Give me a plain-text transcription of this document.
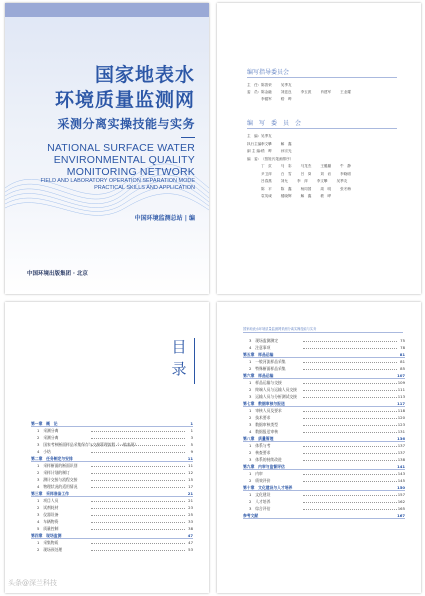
国家地表水
环境质量监测网
采测分离实操技能与实务
NATIONAL SURFACE WATER
ENVIRONMENTAL QUALITY
MONITORING NETWORK
FIELD AND LABORATORY OPERATION SEPARATION MODE
PRACTICAL SKILLS AND APPLICATION
中国环境监测总站 | 编
中国环境出版集团 · 北京
编写指导委员会
主　任: 陈善荣	吴季友
委　员: 陈金融	刘廷良	李玉波	肖建军	王业耀
李健军	嵇　晔
编　写　委　员　会
主　编: 吴季友
执行主编:李文攀	解　鑫
副 主 编:嵇　晔	孙宗光
编　委: （按姓氏笔画排序）
丁　页	马　彩	马龙杰	王璐璐	牛　静
尹卫萍	白　雪	吕　岗	刘　岩	李晓明
吕春燕	刘允	李　萍	李文攀	吴季友
陈　平	陈　鑫	杨同国	周　明	张冬梅
袁英诚	楼晓辉	解　鑫	嵇　晔
目
录
第一章　概　论	1
1　采测分离	1
2　采测分离	3
3　国家考核断面样品采集保存与交接管理流程（一般表现）	5
4　小结	9
第二章　任务制定与安排	11
1　采样断面的断面识别	11
2　采样计划的制订	12
3　测计交接与流程交接	15
4　物理状况的适用情况	17
第三章　采样准备工作	21
1　项目人员	21
2　试剂耗材	23
3　仪器设备	25
4　车辆物资	33
5　质量控制	38
第四章　现场监测	47
1　采集物质	47
2　现场预处理	53
国家地表水环境质量监测网采测分离实操技能与实务
3　现场监测测定	75
4　注意事项	78
第五章　样品运输	81
1　一般河流样品采集	81
2　特殊断面样品采集	85
第六章　样品运输	107
1　样品运输与交接	109
2　终端人员与运输人员交接	111
3　运输人员与分析测试交接	113
第七章　数据审核与报送	117
1　审核人员及要求	118
2　技术要求	120
3　数据审核类型	123
4　数据报送审核	131
第八章　质量管理	136
1　体系与考	137
2　核查要求	137
3　体系的持续改进	138
第九章　内审与监督评估	141
1　内审	143
2　绩效评价	145
第十章　文化建设与人才培养	150
1　文化建设	157
2　人才培养	162
3　综合评估	165
参考文献	167
头条@深兰科技
